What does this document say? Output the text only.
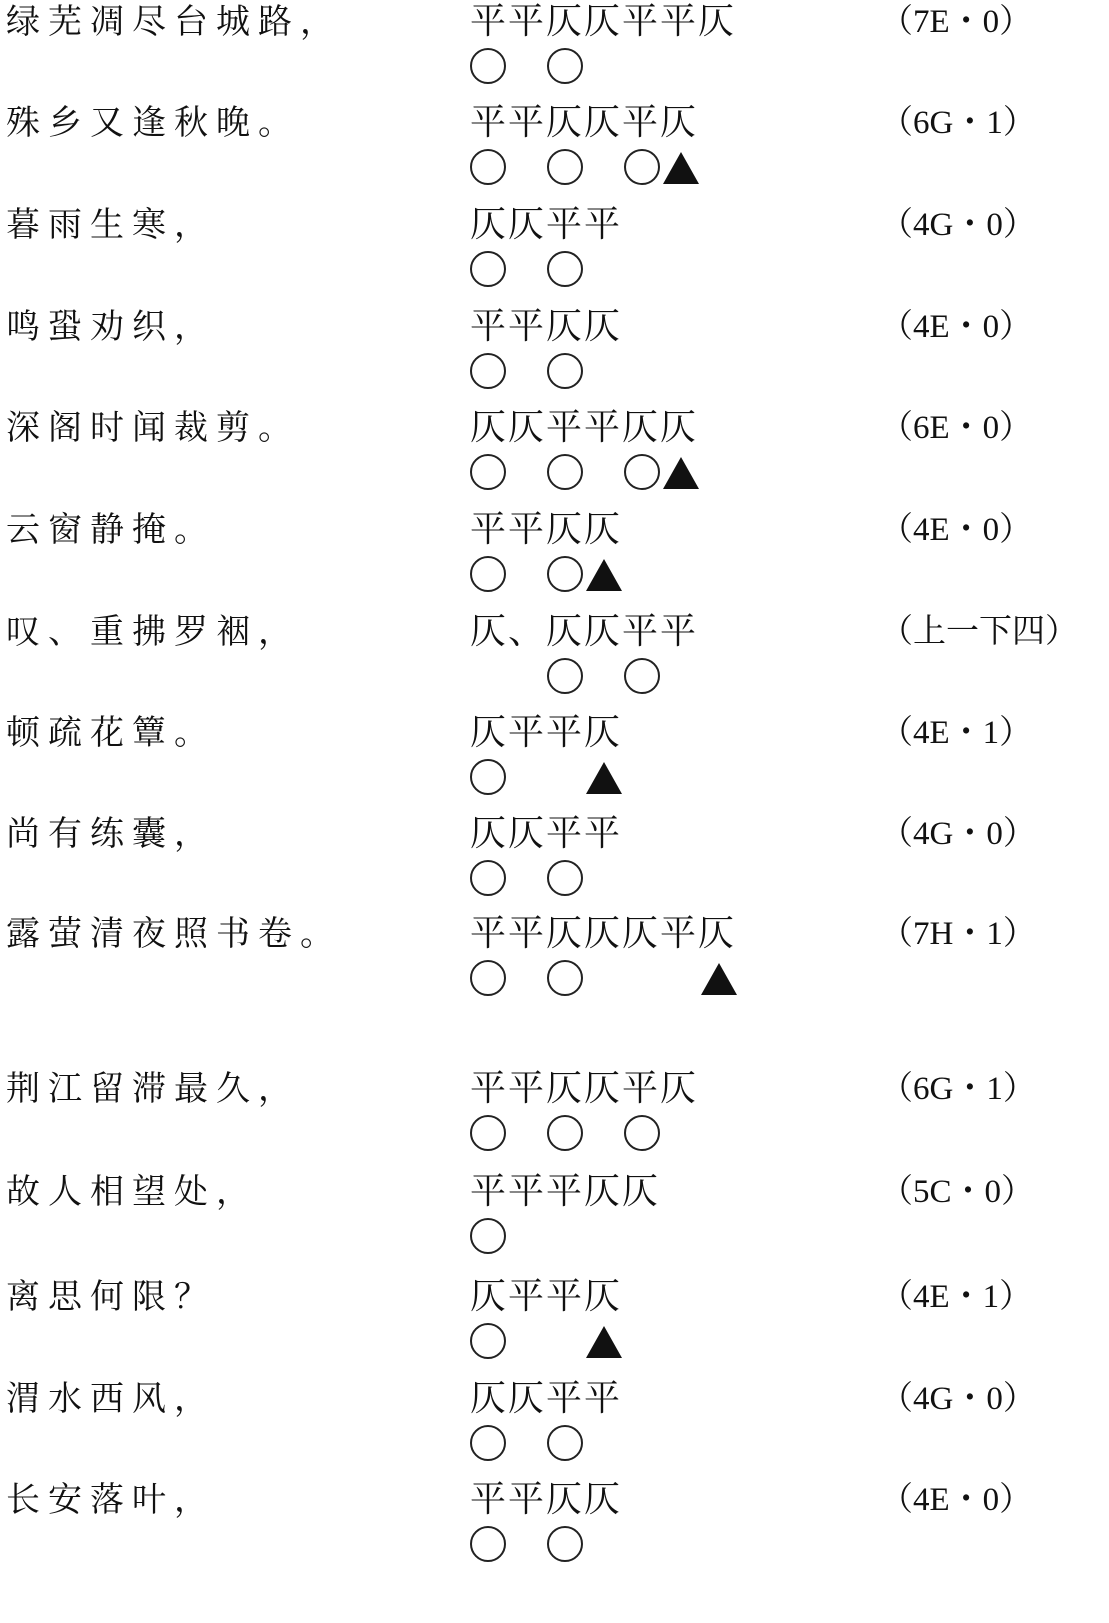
绿芜凋尽台城路，	平平仄仄平平仄	（7E・0）
殊乡又逢秋晚。	平平仄仄平仄	（6G・1）
暮雨生寒，	仄仄平平	（4G・0）
鸣蛩劝织，	平平仄仄	（4E・0）
深阁时闻裁剪。	仄仄平平仄仄	（6E・0）
云窗静掩。	平平仄仄	（4E・0）
叹、重拂罗裀，	仄、仄仄平平	（上一下四）
顿疏花簟。	仄平平仄	（4E・1）
尚有练囊，	仄仄平平	（4G・0）
露萤清夜照书卷。	平平仄仄仄平仄	（7H・1）
荆江留滞最久，	平平仄仄平仄	（6G・1）
故人相望处，	平平平仄仄	（5C・0）
离思何限？	仄平平仄	（4E・1）
渭水西风，	仄仄平平	（4G・0）
长安落叶，	平平仄仄	（4E・0）
